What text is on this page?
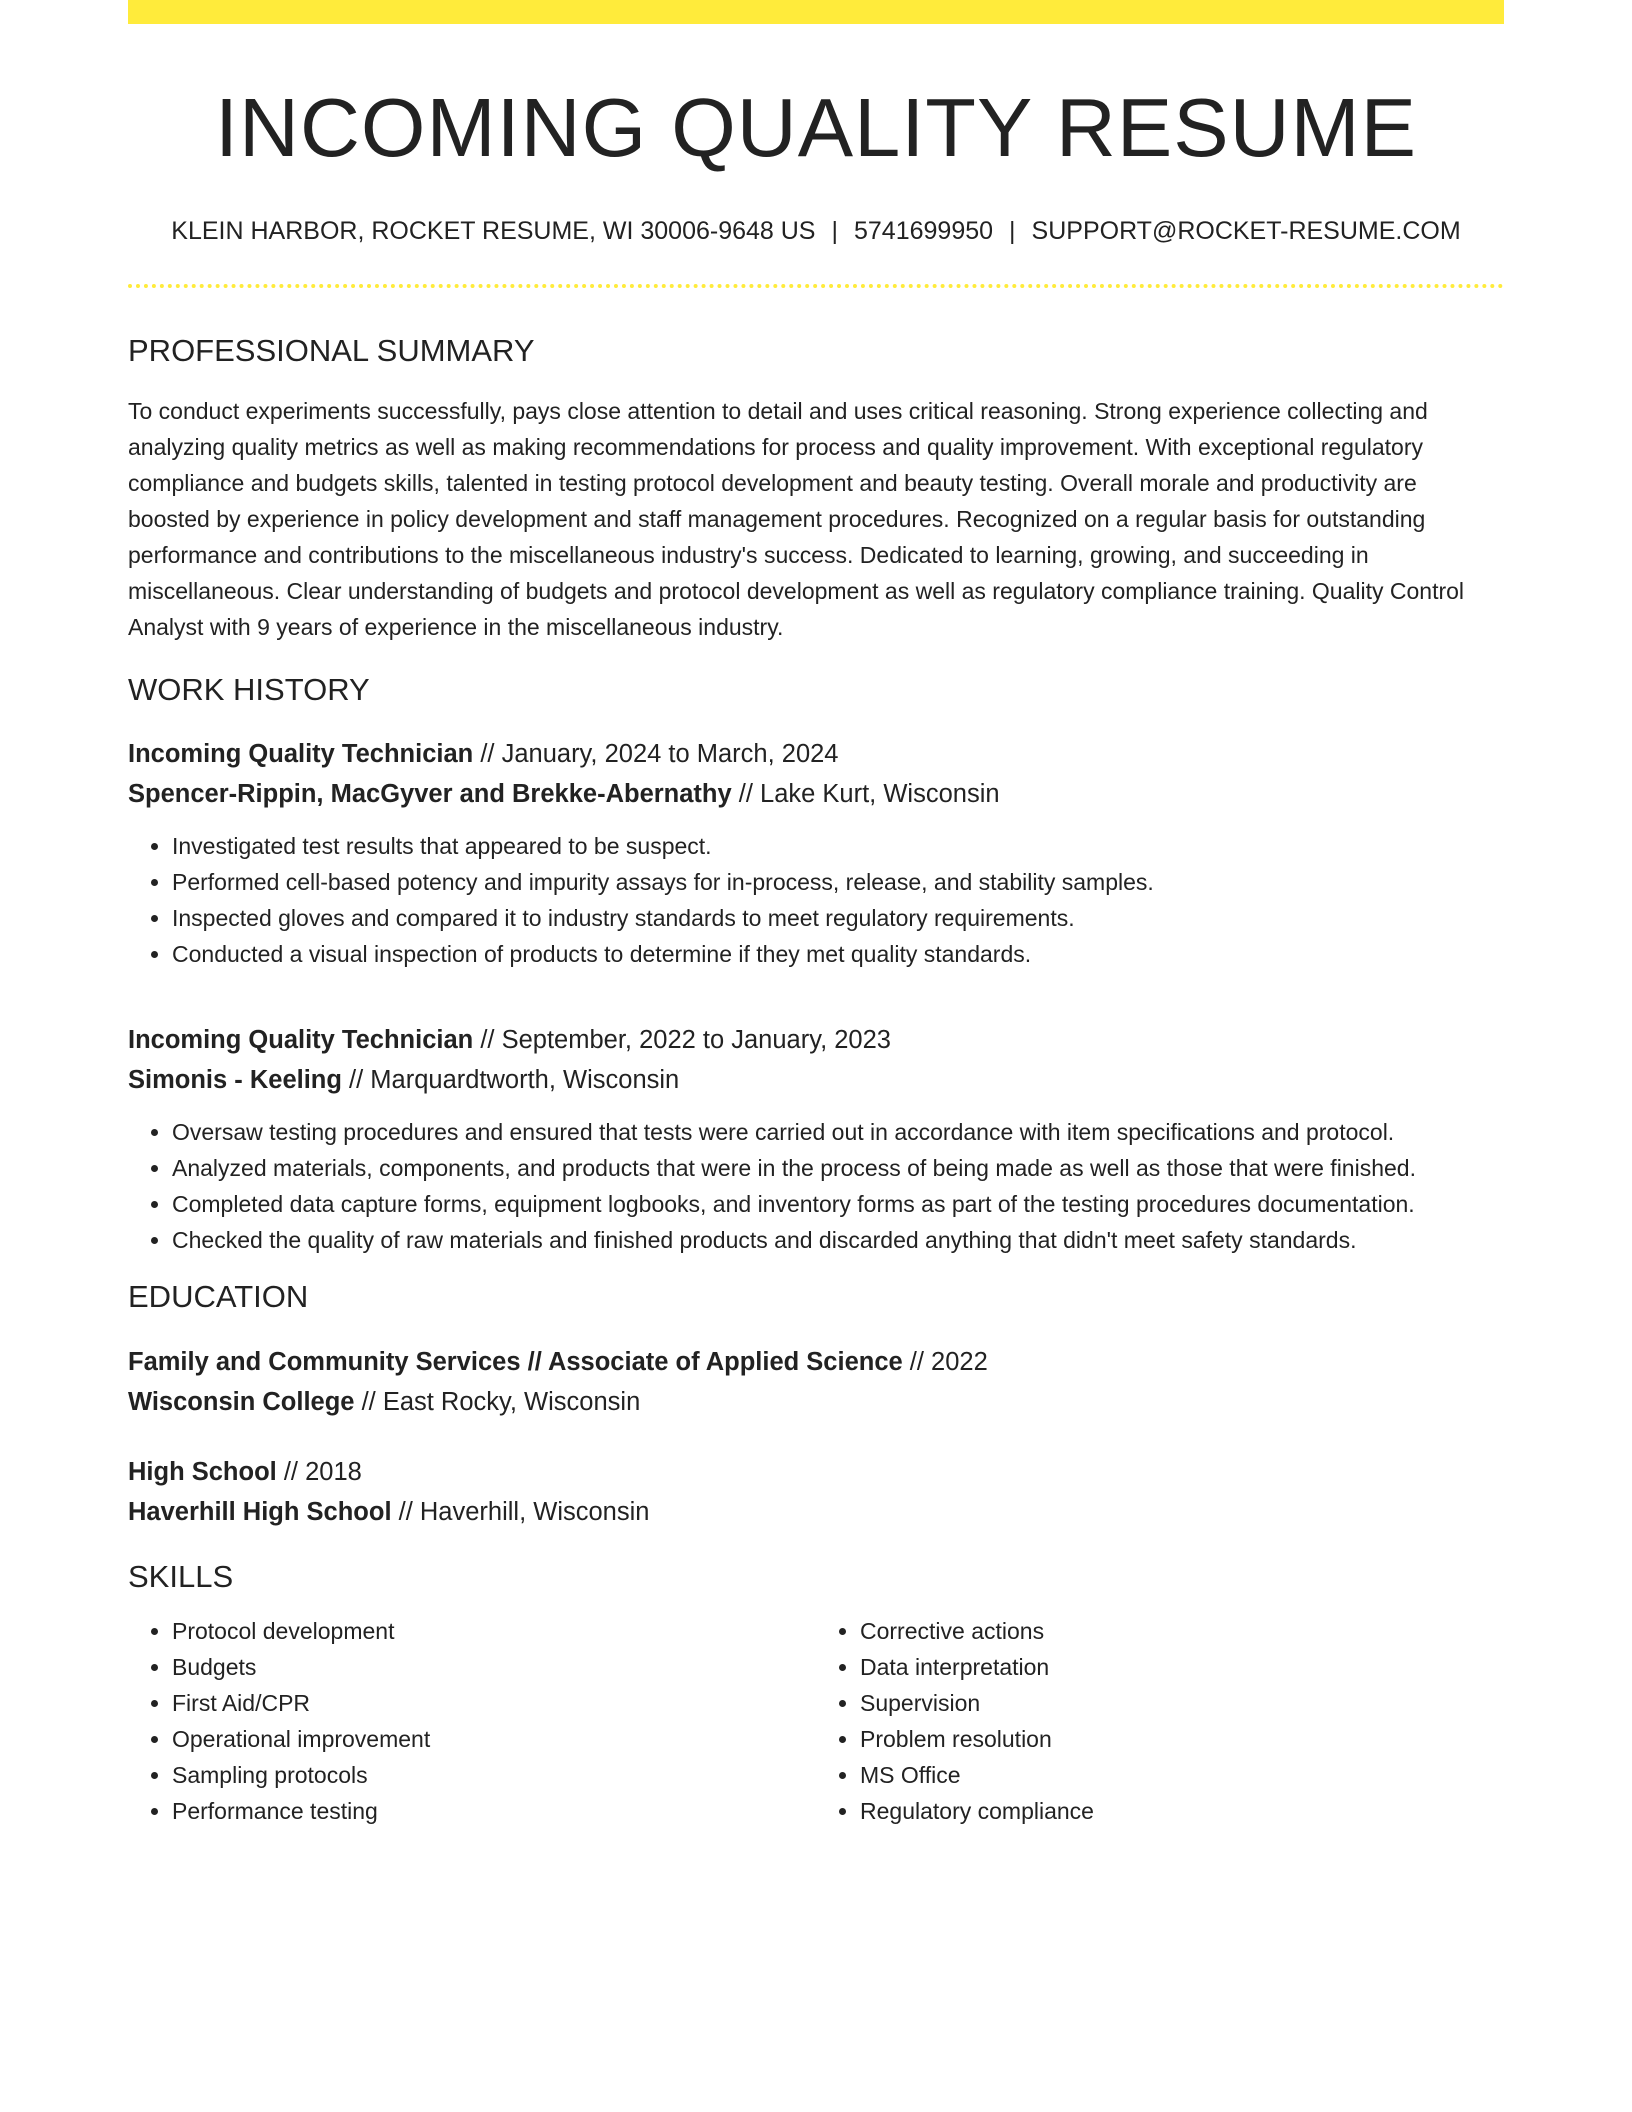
INCOMING QUALITY RESUME
KLEIN HARBOR, ROCKET RESUME, WI 30006-9648 US | 5741699950 | SUPPORT@ROCKET-RESUME.COM
PROFESSIONAL SUMMARY

To conduct experiments successfully, pays close attention to detail and uses critical reasoning. Strong experience collecting and analyzing quality metrics as well as making recommendations for process and quality improvement. With exceptional regulatory compliance and budgets skills, talented in testing protocol development and beauty testing. Overall morale and productivity are boosted by experience in policy development and staff management procedures. Recognized on a regular basis for outstanding performance and contributions to the miscellaneous industry's success. Dedicated to learning, growing, and succeeding in miscellaneous. Clear understanding of budgets and protocol development as well as regulatory compliance training. Quality Control Analyst with 9 years of experience in the miscellaneous industry.

WORK HISTORY
Incoming Quality Technician // January, 2024 to March, 2024
Spencer-Rippin, MacGyver and Brekke-Abernathy // Lake Kurt, Wisconsin
• Investigated test results that appeared to be suspect.
• Performed cell-based potency and impurity assays for in-process, release, and stability samples.
• Inspected gloves and compared it to industry standards to meet regulatory requirements.
• Conducted a visual inspection of products to determine if they met quality standards.
Incoming Quality Technician // September, 2022 to January, 2023
Simonis - Keeling // Marquardtworth, Wisconsin
• Oversaw testing procedures and ensured that tests were carried out in accordance with item specifications and protocol.
• Analyzed materials, components, and products that were in the process of being made as well as those that were finished.
• Completed data capture forms, equipment logbooks, and inventory forms as part of the testing procedures documentation.
• Checked the quality of raw materials and finished products and discarded anything that didn't meet safety standards.
EDUCATION
Family and Community Services // Associate of Applied Science // 2022
Wisconsin College // East Rocky, Wisconsin
High School // 2018
Haverhill High School // Haverhill, Wisconsin
SKILLS
• Protocol development
• Budgets
• First Aid/CPR
• Operational improvement
• Sampling protocols
• Performance testing
• Corrective actions
• Data interpretation
• Supervision
• Problem resolution
• MS Office
• Regulatory compliance
